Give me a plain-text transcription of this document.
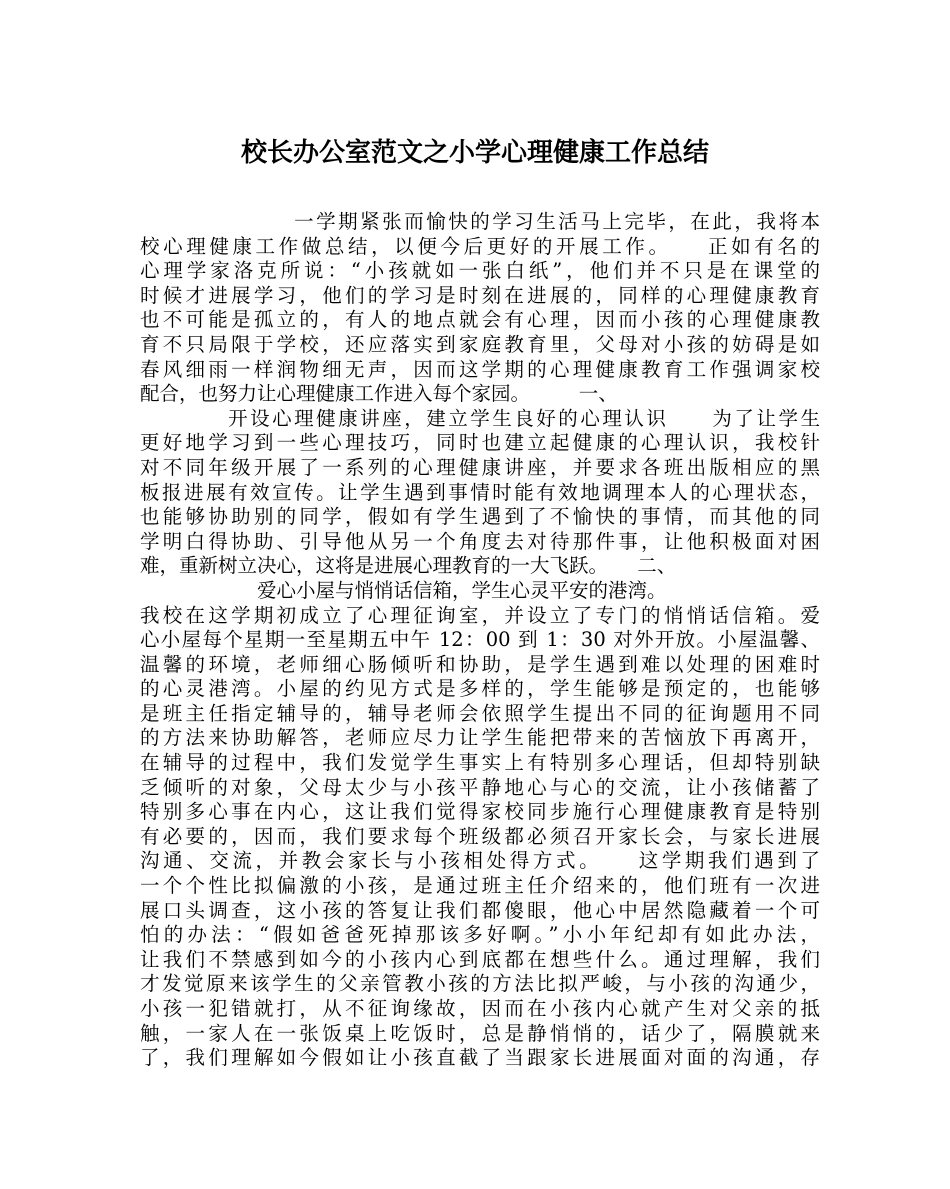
校长办公室范文之小学心理健康工作总结
　　　　　　　一学期紧张而愉快的学习生活马上完毕，在此，我将本
校心理健康工作做总结，以便今后更好的开展工作。　　正如有名的
心理学家洛克所说：“小孩就如一张白纸”，他们并不只是在课堂的
时候才进展学习，他们的学习是时刻在进展的，同样的心理健康教育
也不可能是孤立的，有人的地点就会有心理，因而小孩的心理健康教
育不只局限于学校，还应落实到家庭教育里，父母对小孩的妨碍是如
春风细雨一样润物细无声，因而这学期的心理健康教育工作强调家校
配合，也努力让心理健康工作进入每个家园。　　　一、
　　　　开设心理健康讲座，建立学生良好的心理认识　　为了让学生
更好地学习到一些心理技巧，同时也建立起健康的心理认识，我校针
对不同年级开展了一系列的心理健康讲座，并要求各班出版相应的黑
板报进展有效宣传。让学生遇到事情时能有效地调理本人的心理状态，
也能够协助别的同学，假如有学生遇到了不愉快的事情，而其他的同
学明白得协助、引导他从另一个角度去对待那件事，让他积极面对困
难，重新树立决心，这将是进展心理教育的一大飞跃。　　二、
　　　　　　爱心小屋与悄悄话信箱，学生心灵平安的港湾。
我校在这学期初成立了心理征询室，并设立了专门的悄悄话信箱。爱
心小屋每个星期一至星期五中午 12：00 到 1：30 对外开放。小屋温馨、
温馨的环境，老师细心肠倾听和协助，是学生遇到难以处理的困难时
的心灵港湾。小屋的约见方式是多样的，学生能够是预定的，也能够
是班主任指定辅导的，辅导老师会依照学生提出不同的征询题用不同
的方法来协助解答，老师应尽力让学生能把带来的苦恼放下再离开，
在辅导的过程中，我们发觉学生事实上有特别多心理话，但却特别缺
乏倾听的对象，父母太少与小孩平静地心与心的交流，让小孩储蓄了
特别多心事在内心，这让我们觉得家校同步施行心理健康教育是特别
有必要的，因而，我们要求每个班级都必须召开家长会，与家长进展
沟通、交流，并教会家长与小孩相处得方式。　　这学期我们遇到了
一个个性比拟偏激的小孩，是通过班主任介绍来的，他们班有一次进
展口头调查，这小孩的答复让我们都傻眼，他心中居然隐藏着一个可
怕的办法：“假如爸爸死掉那该多好啊。”小小年纪却有如此办法，
让我们不禁感到如今的小孩内心到底都在想些什么。通过理解，我们
才发觉原来该学生的父亲管教小孩的方法比拟严峻，与小孩的沟通少，
小孩一犯错就打，从不征询缘故，因而在小孩内心就产生对父亲的抵
触，一家人在一张饭桌上吃饭时，总是静悄悄的，话少了，隔膜就来
了，我们理解如今假如让小孩直截了当跟家长进展面对面的沟通，存
